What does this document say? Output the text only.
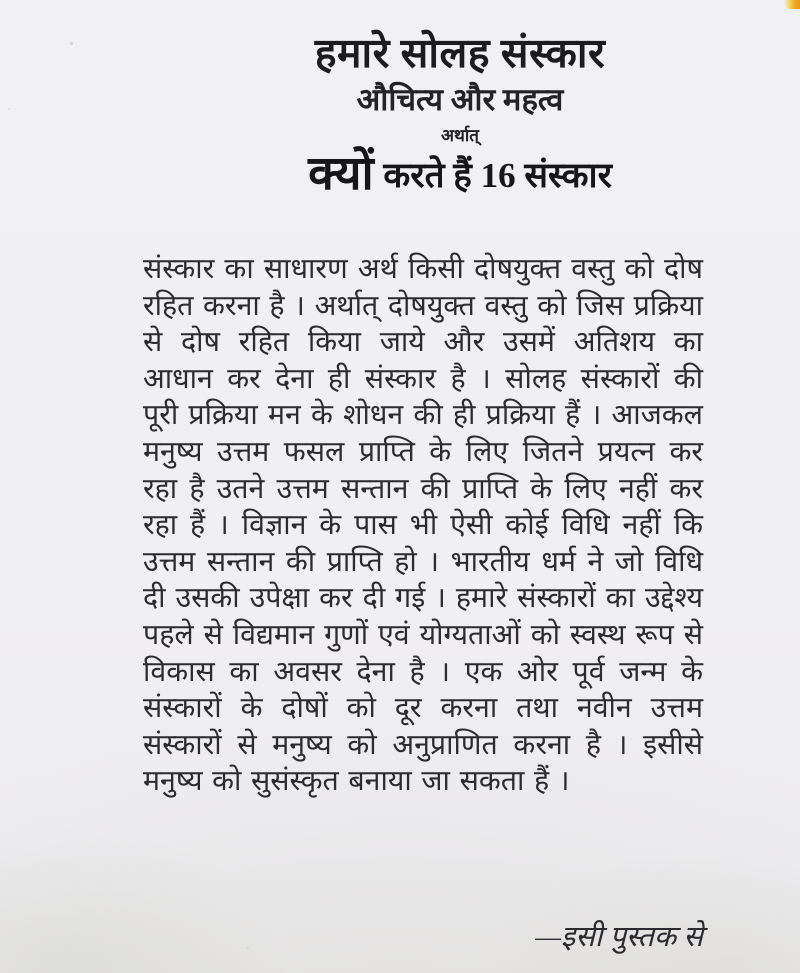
हमारे सोलह संस्कार
औचित्य और महत्व
अर्थात्
क्यों करते हैं 16 संस्कार
संस्कार का साधारण अर्थ किसी दोषयुक्त वस्तु को दोष रहित करना है । अर्थात् दोषयुक्त वस्तु को जिस प्रक्रिया से दोष रहित किया जाये और उसमें अतिशय का आधान कर देना ही संस्कार है । सोलह संस्कारों की पूरी प्रक्रिया मन के शोधन की ही प्रक्रिया हैं । आजकल मनुष्य उत्तम फसल प्राप्ति के लिए जितने प्रयत्न कर रहा है उतने उत्तम सन्तान की प्राप्ति के लिए नहीं कर रहा हैं । विज्ञान के पास भी ऐसी कोई विधि नहीं कि उत्तम सन्तान की प्राप्ति हो । भारतीय धर्म ने जो विधि दी उसकी उपेक्षा कर दी गई । हमारे संस्कारों का उद्देश्य पहले से विद्यमान गुणों एवं योग्यताओं को स्वस्थ रूप से विकास का अवसर देना है । एक ओर पूर्व जन्म के संस्कारों के दोषों को दूर करना तथा नवीन उत्तम संस्कारों से मनुष्य को अनुप्राणित करना है । इसीसे मनुष्य को सुसंस्कृत बनाया जा सकता हैं ।
—इसी पुस्तक से
